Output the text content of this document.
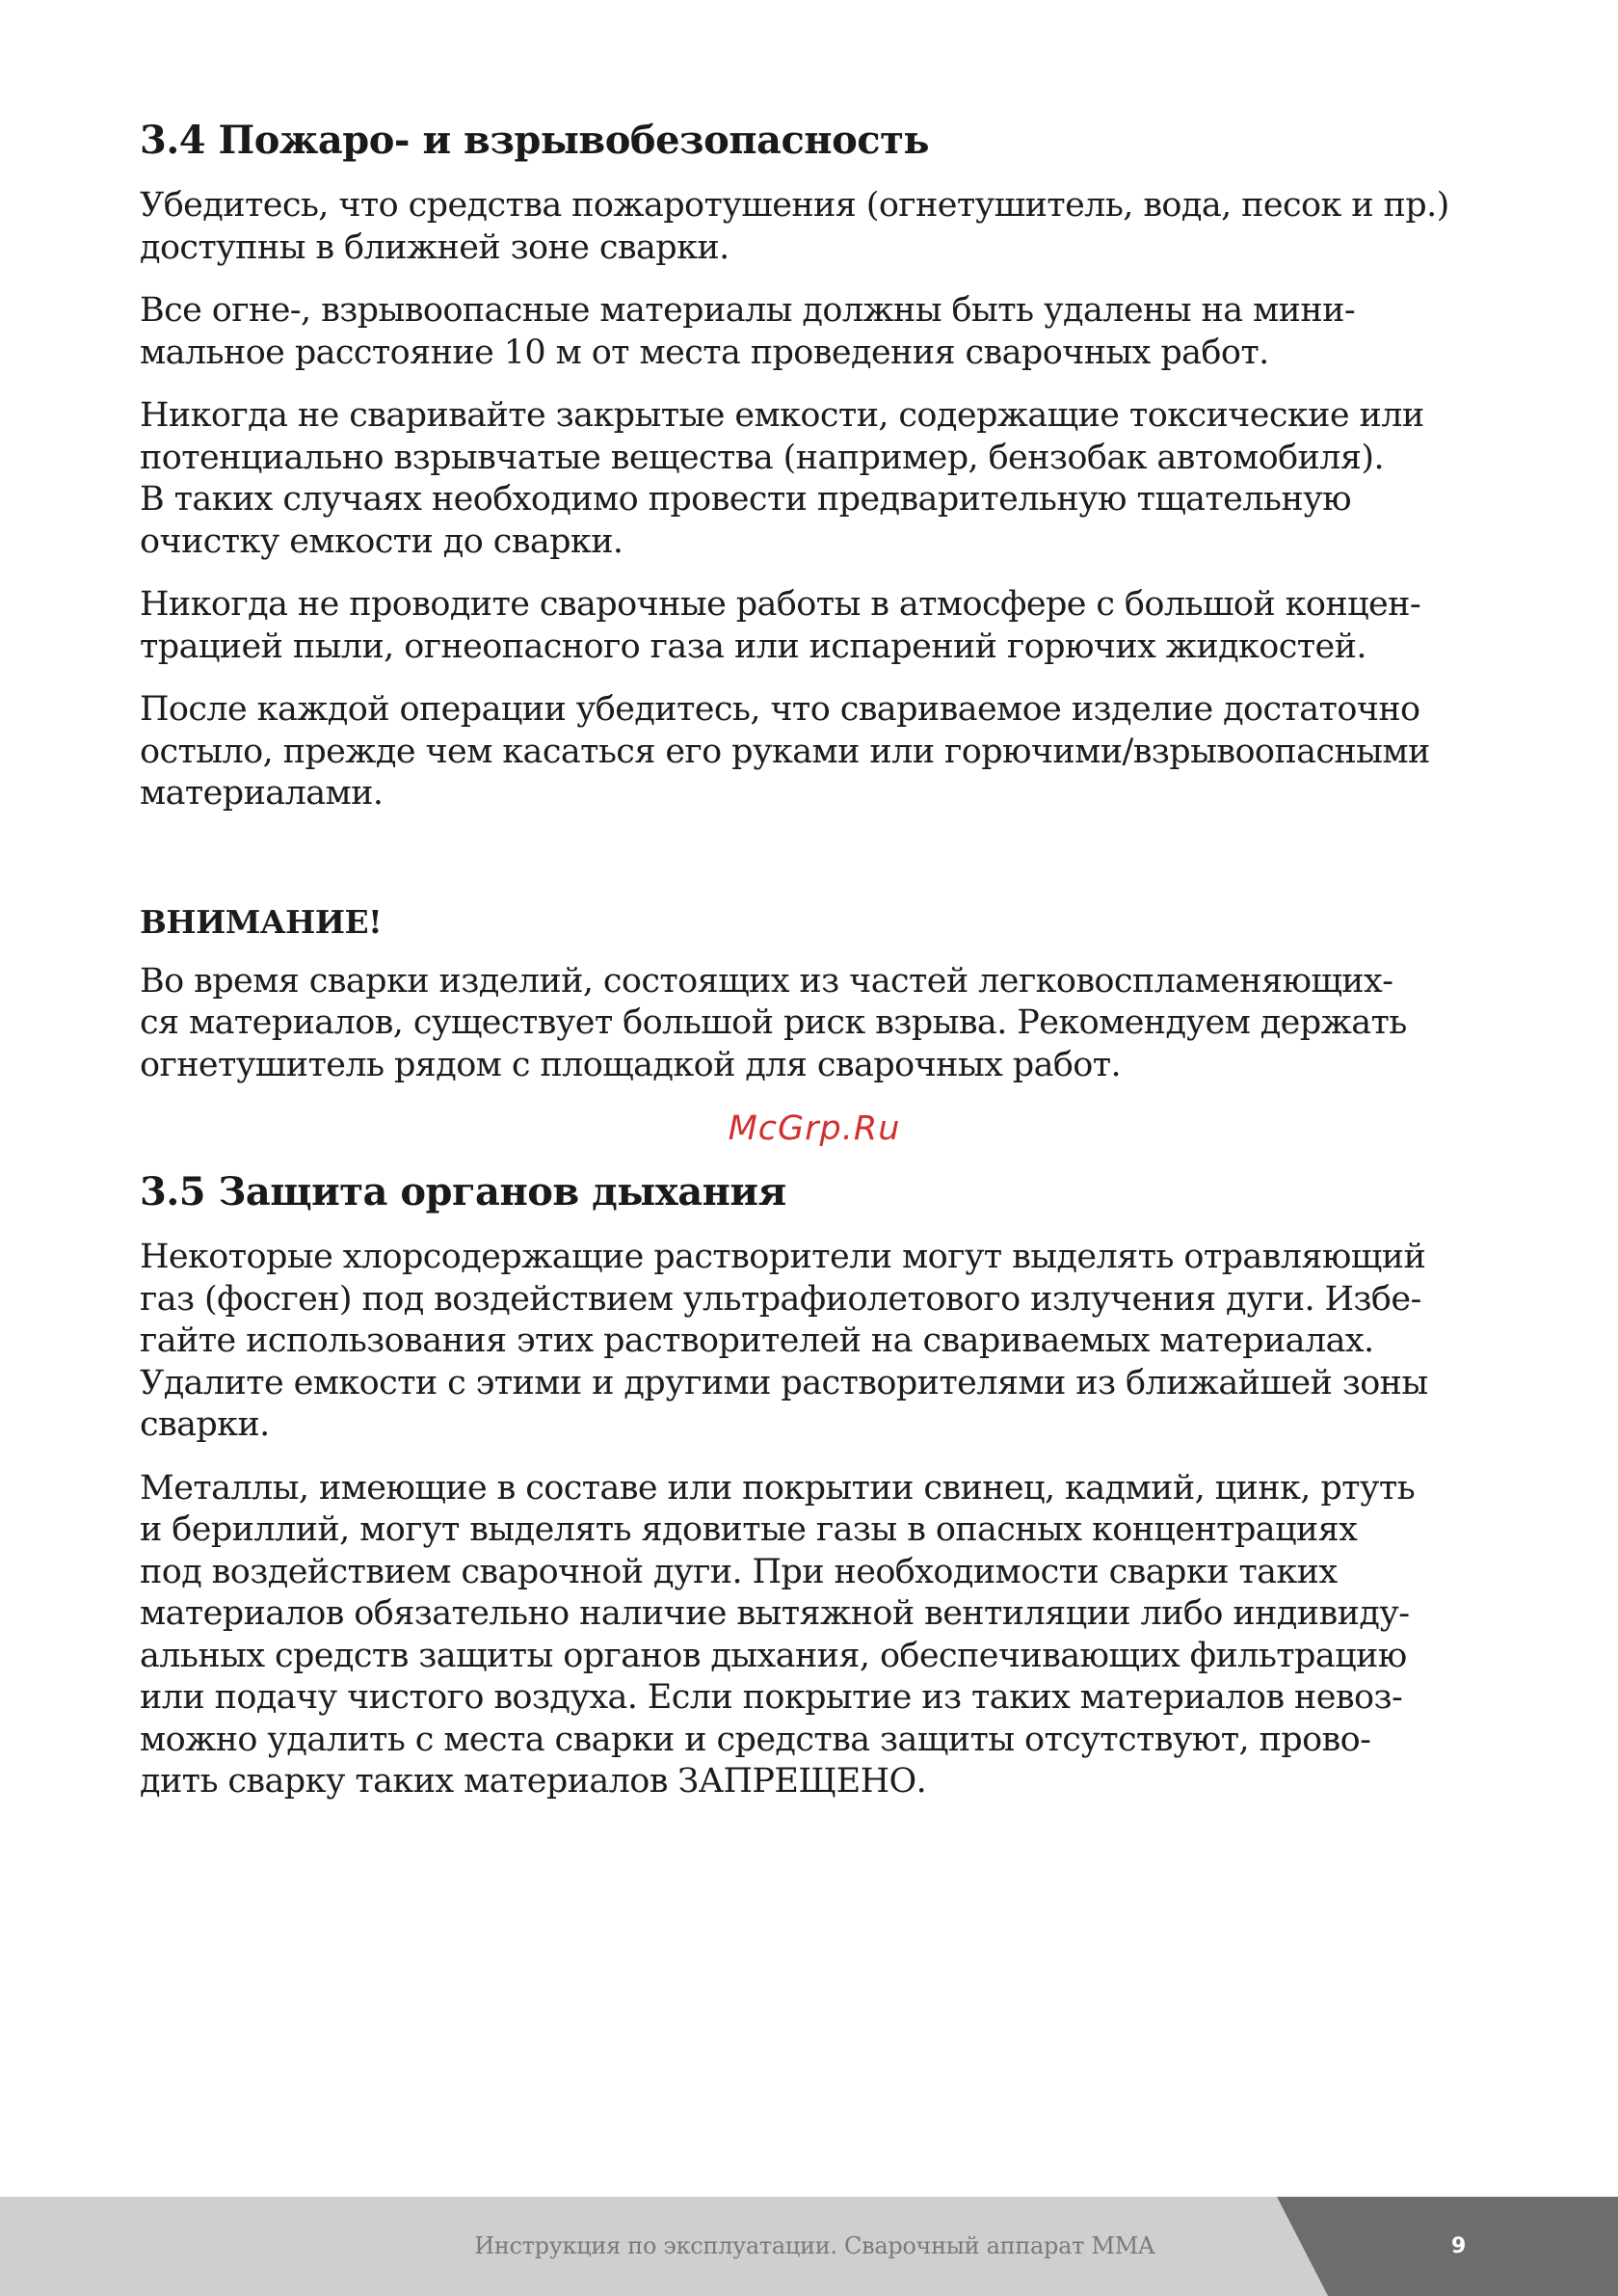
3.4 Пожаро- и взрывобезопасность

Убедитесь, что средства пожаротушения (огнетушитель, вода, песок и пр.)
доступны в ближней зоне сварки.

Все огне-, взрывоопасные материалы должны быть удалены на мини-
мальное расстояние 10 м от места проведения сварочных работ.

Никогда не сваривайте закрытые емкости, содержащие токсические или
потенциально взрывчатые вещества (например, бензобак автомобиля).
В таких случаях необходимо провести предварительную тщательную
очистку емкости до сварки.

Никогда не проводите сварочные работы в атмосфере с большой концен-
трацией пыли, огнеопасного газа или испарений горючих жидкостей.

После каждой операции убедитесь, что свариваемое изделие достаточно
остыло, прежде чем касаться его руками или горючими/взрывоопасными
материалами.

ВНИМАНИЕ!

Во время сварки изделий, состоящих из частей легковоспламеняющих-
ся материалов, существует большой риск взрыва. Рекомендуем держать
огнетушитель рядом с площадкой для сварочных работ.

McGrp.Ru
3.5 Защита органов дыхания

Некоторые хлорсодержащие растворители могут выделять отравляющий
газ (фосген) под воздействием ультрафиолетового излучения дуги. Избе-
гайте использования этих растворителей на свариваемых материалах.
Удалите емкости с этими и другими растворителями из ближайшей зоны
сварки.

Металлы, имеющие в составе или покрытии свинец, кадмий, цинк, ртуть
и бериллий, могут выделять ядовитые газы в опасных концентрациях
под воздействием сварочной дуги. При необходимости сварки таких
материалов обязательно наличие вытяжной вентиляции либо индивиду-
альных средств защиты органов дыхания, обеспечивающих фильтрацию
или подачу чистого воздуха. Если покрытие из таких материалов невоз-
можно удалить с места сварки и средства защиты отсутствуют, прово-
дить сварку таких материалов ЗАПРЕЩЕНО.

Инструкция по эксплуатации. Сварочный аппарат MMA	9
